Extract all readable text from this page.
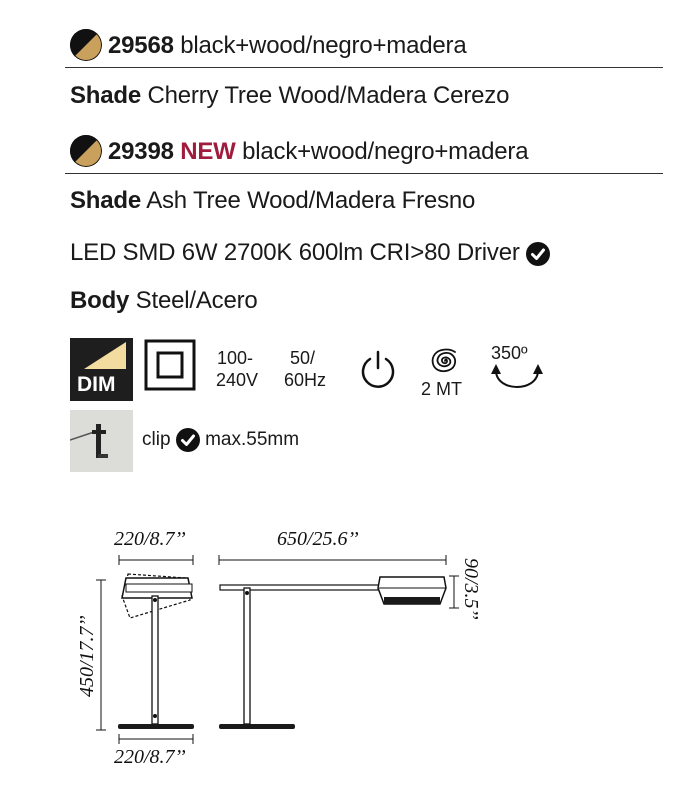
29568 black+wood/negro+madera
Shade Cherry Tree Wood/Madera Cerezo
29398 NEW black+wood/negro+madera
Shade Ash Tree Wood/Madera Fresno
LED SMD 6W 2700K 600lm CRI>80 Driver
Body Steel/Acero
DIM
100-
240V
50/
60Hz	2 MT
350º
clip max.55mm
220/8.7’’	650/25.6’’
90/3.5’’
450/17.7’’
220/8.7’’
